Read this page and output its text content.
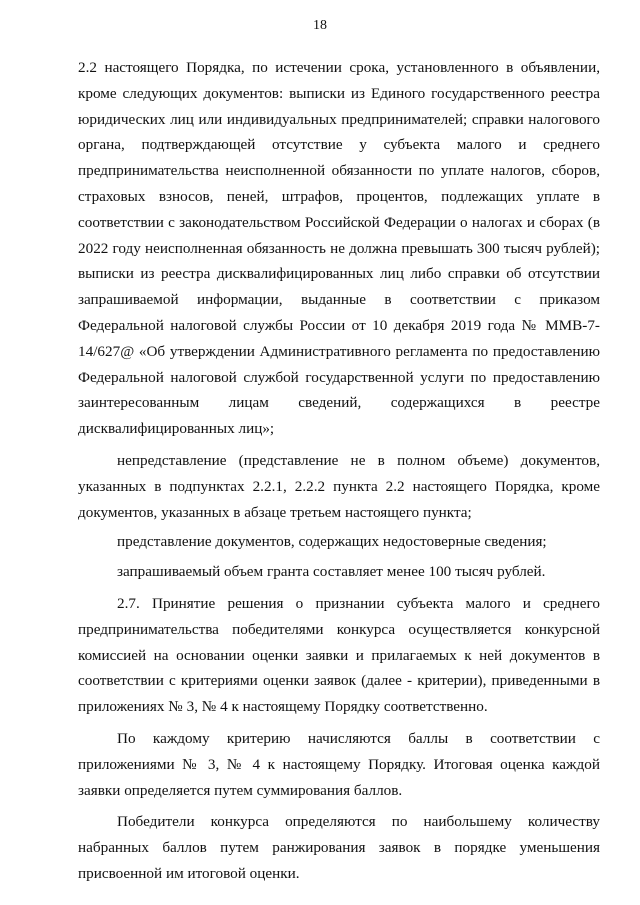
18

2.2 настоящего Порядка, по истечении срока, установленного в объявлении, кроме следующих документов: выписки из Единого государственного реестра юридических лиц или индивидуальных предпринимателей; справки налогового органа, подтверждающей отсутствие у субъекта малого и среднего предпринимательства неисполненной обязанности по уплате налогов, сборов, страховых взносов, пеней, штрафов, процентов, подлежащих уплате в соответствии с законодательством Российской Федерации о налогах и сборах (в 2022 году неисполненная обязанность не должна превышать 300 тысяч рублей); выписки из реестра дисквалифицированных лиц либо справки об отсутствии запрашиваемой информации, выданные в соответствии с приказом Федеральной налоговой службы России от 10 декабря 2019 года № ММВ-7-14/627@ «Об утверждении Административного регламента по предоставлению Федеральной налоговой службой государственной услуги по предоставлению заинтересованным лицам сведений, содержащихся в реестре дисквалифицированных лиц»;

непредставление (представление не в полном объеме) документов, указанных в подпунктах 2.2.1, 2.2.2 пункта 2.2 настоящего Порядка, кроме документов, указанных в абзаце третьем настоящего пункта;

представление документов, содержащих недостоверные сведения;

запрашиваемый объем гранта составляет менее 100 тысяч рублей.

2.7. Принятие решения о признании субъекта малого и среднего предпринимательства победителями конкурса осуществляется конкурсной комиссией на основании оценки заявки и прилагаемых к ней документов в соответствии с критериями оценки заявок (далее - критерии), приведенными в приложениях № 3, № 4 к настоящему Порядку соответственно.

По каждому критерию начисляются баллы в соответствии с приложениями № 3, № 4 к настоящему Порядку. Итоговая оценка каждой заявки определяется путем суммирования баллов.

Победители конкурса определяются по наибольшему количеству набранных баллов путем ранжирования заявок в порядке уменьшения присвоенной им итоговой оценки.
